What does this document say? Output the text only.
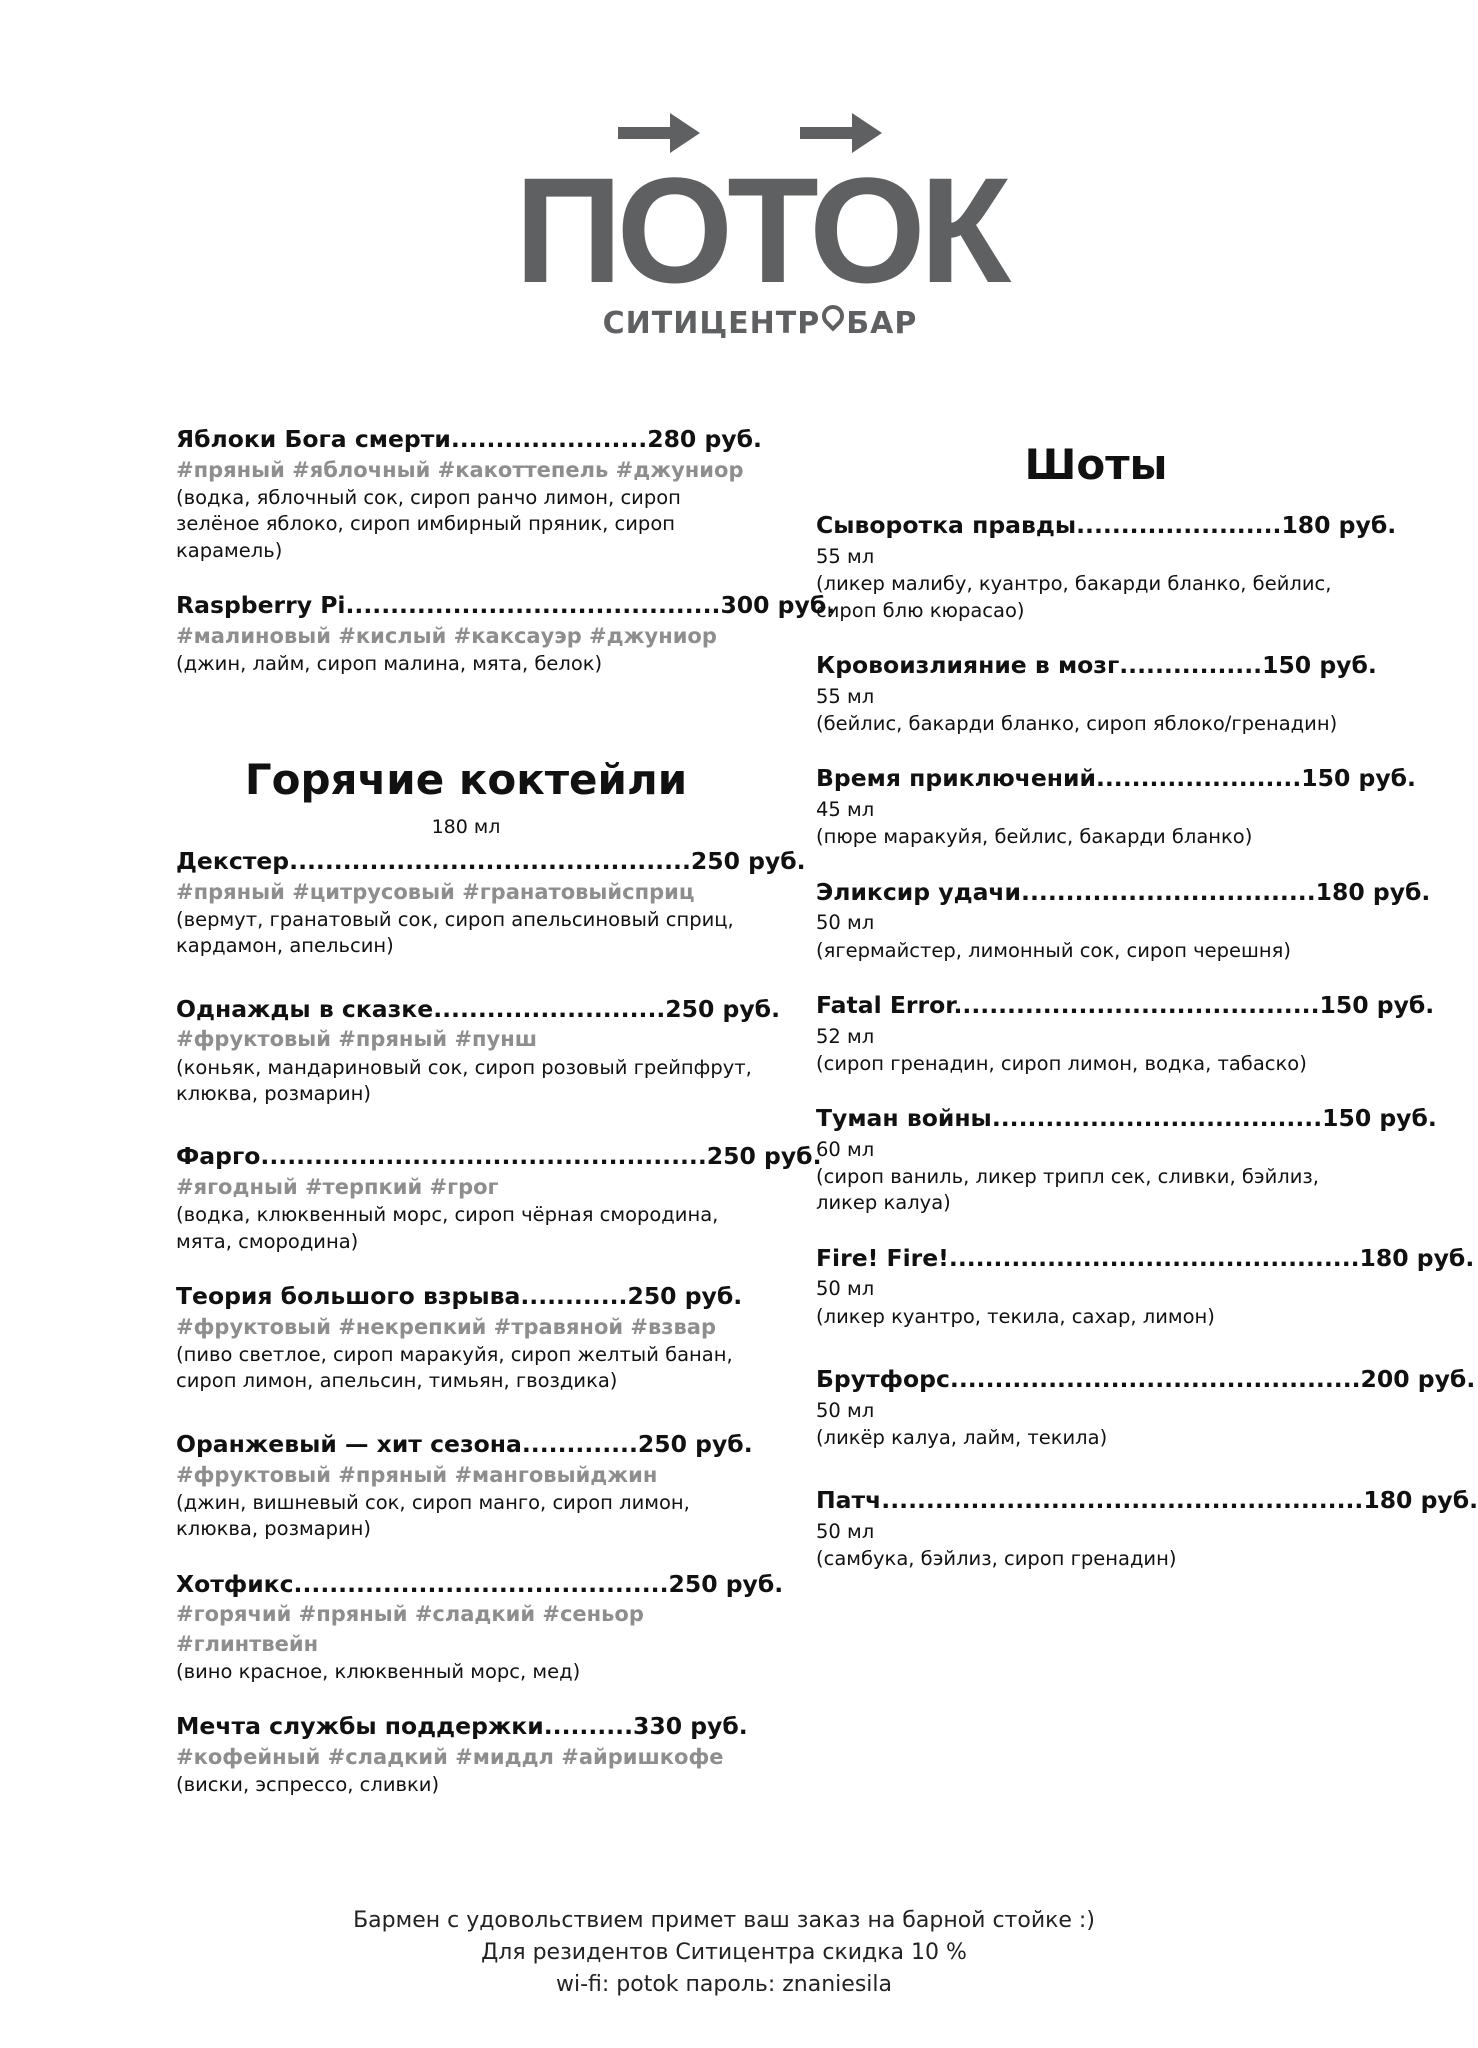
ПОТОК
СИТИЦЕНТР БАР
Яблоки Бога смерти......................280 руб.
#пряный #яблочный #какоттепель #джуниор
(водка, яблочный сок, сироп ранчо лимон, сироп зелёное яблоко, сироп имбирный пряник, сироп карамель)
Raspberry Pi..........................................300 руб.
#малиновый #кислый #каксауэр #джуниор
(джин, лайм, сироп малина, мята, белок)
Горячие коктейли
180 мл
Декстер.............................................250 руб.
#пряный #цитрусовый #гранатовыйсприц
(вермут, гранатовый сок, сироп апельсиновый сприц, кардамон, апельсин)
Однажды в сказке..........................250 руб.
#фруктовый #пряный #пунш
(коньяк, мандариновый сок, сироп розовый грейпфрут, клюква, розмарин)
Фарго..................................................250 руб.
#ягодный #терпкий #грог
(водка, клюквенный морс, сироп чёрная смородина, мята, смородина)
Теория большого взрыва............250 руб.
#фруктовый #некрепкий #травяной #взвар
(пиво светлое, сироп маракуйя, сироп желтый банан, сироп лимон, апельсин, тимьян, гвоздика)
Оранжевый — хит сезона.............250 руб.
#фруктовый #пряный #манговыйджин
(джин, вишневый сок, сироп манго, сироп лимон, клюква, розмарин)
Хотфикс..........................................250 руб.
#горячий #пряный #сладкий #сеньор #глинтвейн
(вино красное, клюквенный морс, мед)
Мечта службы поддержки..........330 руб.
#кофейный #сладкий #миддл #айришкофе
(виски, эспрессо, сливки)
Шоты
Сыворотка правды.......................180 руб.
55 мл
(ликер малибу, куантро, бакарди бланко, бейлис, сироп блю кюрасао)
Кровоизлияние в мозг................150 руб.
55 мл
(бейлис, бакарди бланко, сироп яблоко/гренадин)
Время приключений.......................150 руб.
45 мл
(пюре маракуйя, бейлис, бакарди бланко)
Эликсир удачи.................................180 руб.
50 мл
(ягермайстер, лимонный сок, сироп черешня)
Fatal Error.........................................150 руб.
52 мл
(сироп гренадин, сироп лимон, водка, табаско)
Туман войны.....................................150 руб.
60 мл
(сироп ваниль, ликер трипл сек, сливки, бэйлиз, ликер калуа)
Fire! Fire!..............................................180 руб.
50 мл
(ликер куантро, текила, сахар, лимон)
Брутфорс..............................................200 руб.
50 мл
(ликёр калуа, лайм, текила)
Патч......................................................180 руб.
50 мл
(самбука, бэйлиз, сироп гренадин)
Бармен с удовольствием примет ваш заказ на барной стойке :)
Для резидентов Ситицентра скидка 10 %
wi-fi: potok пароль: znaniesila
